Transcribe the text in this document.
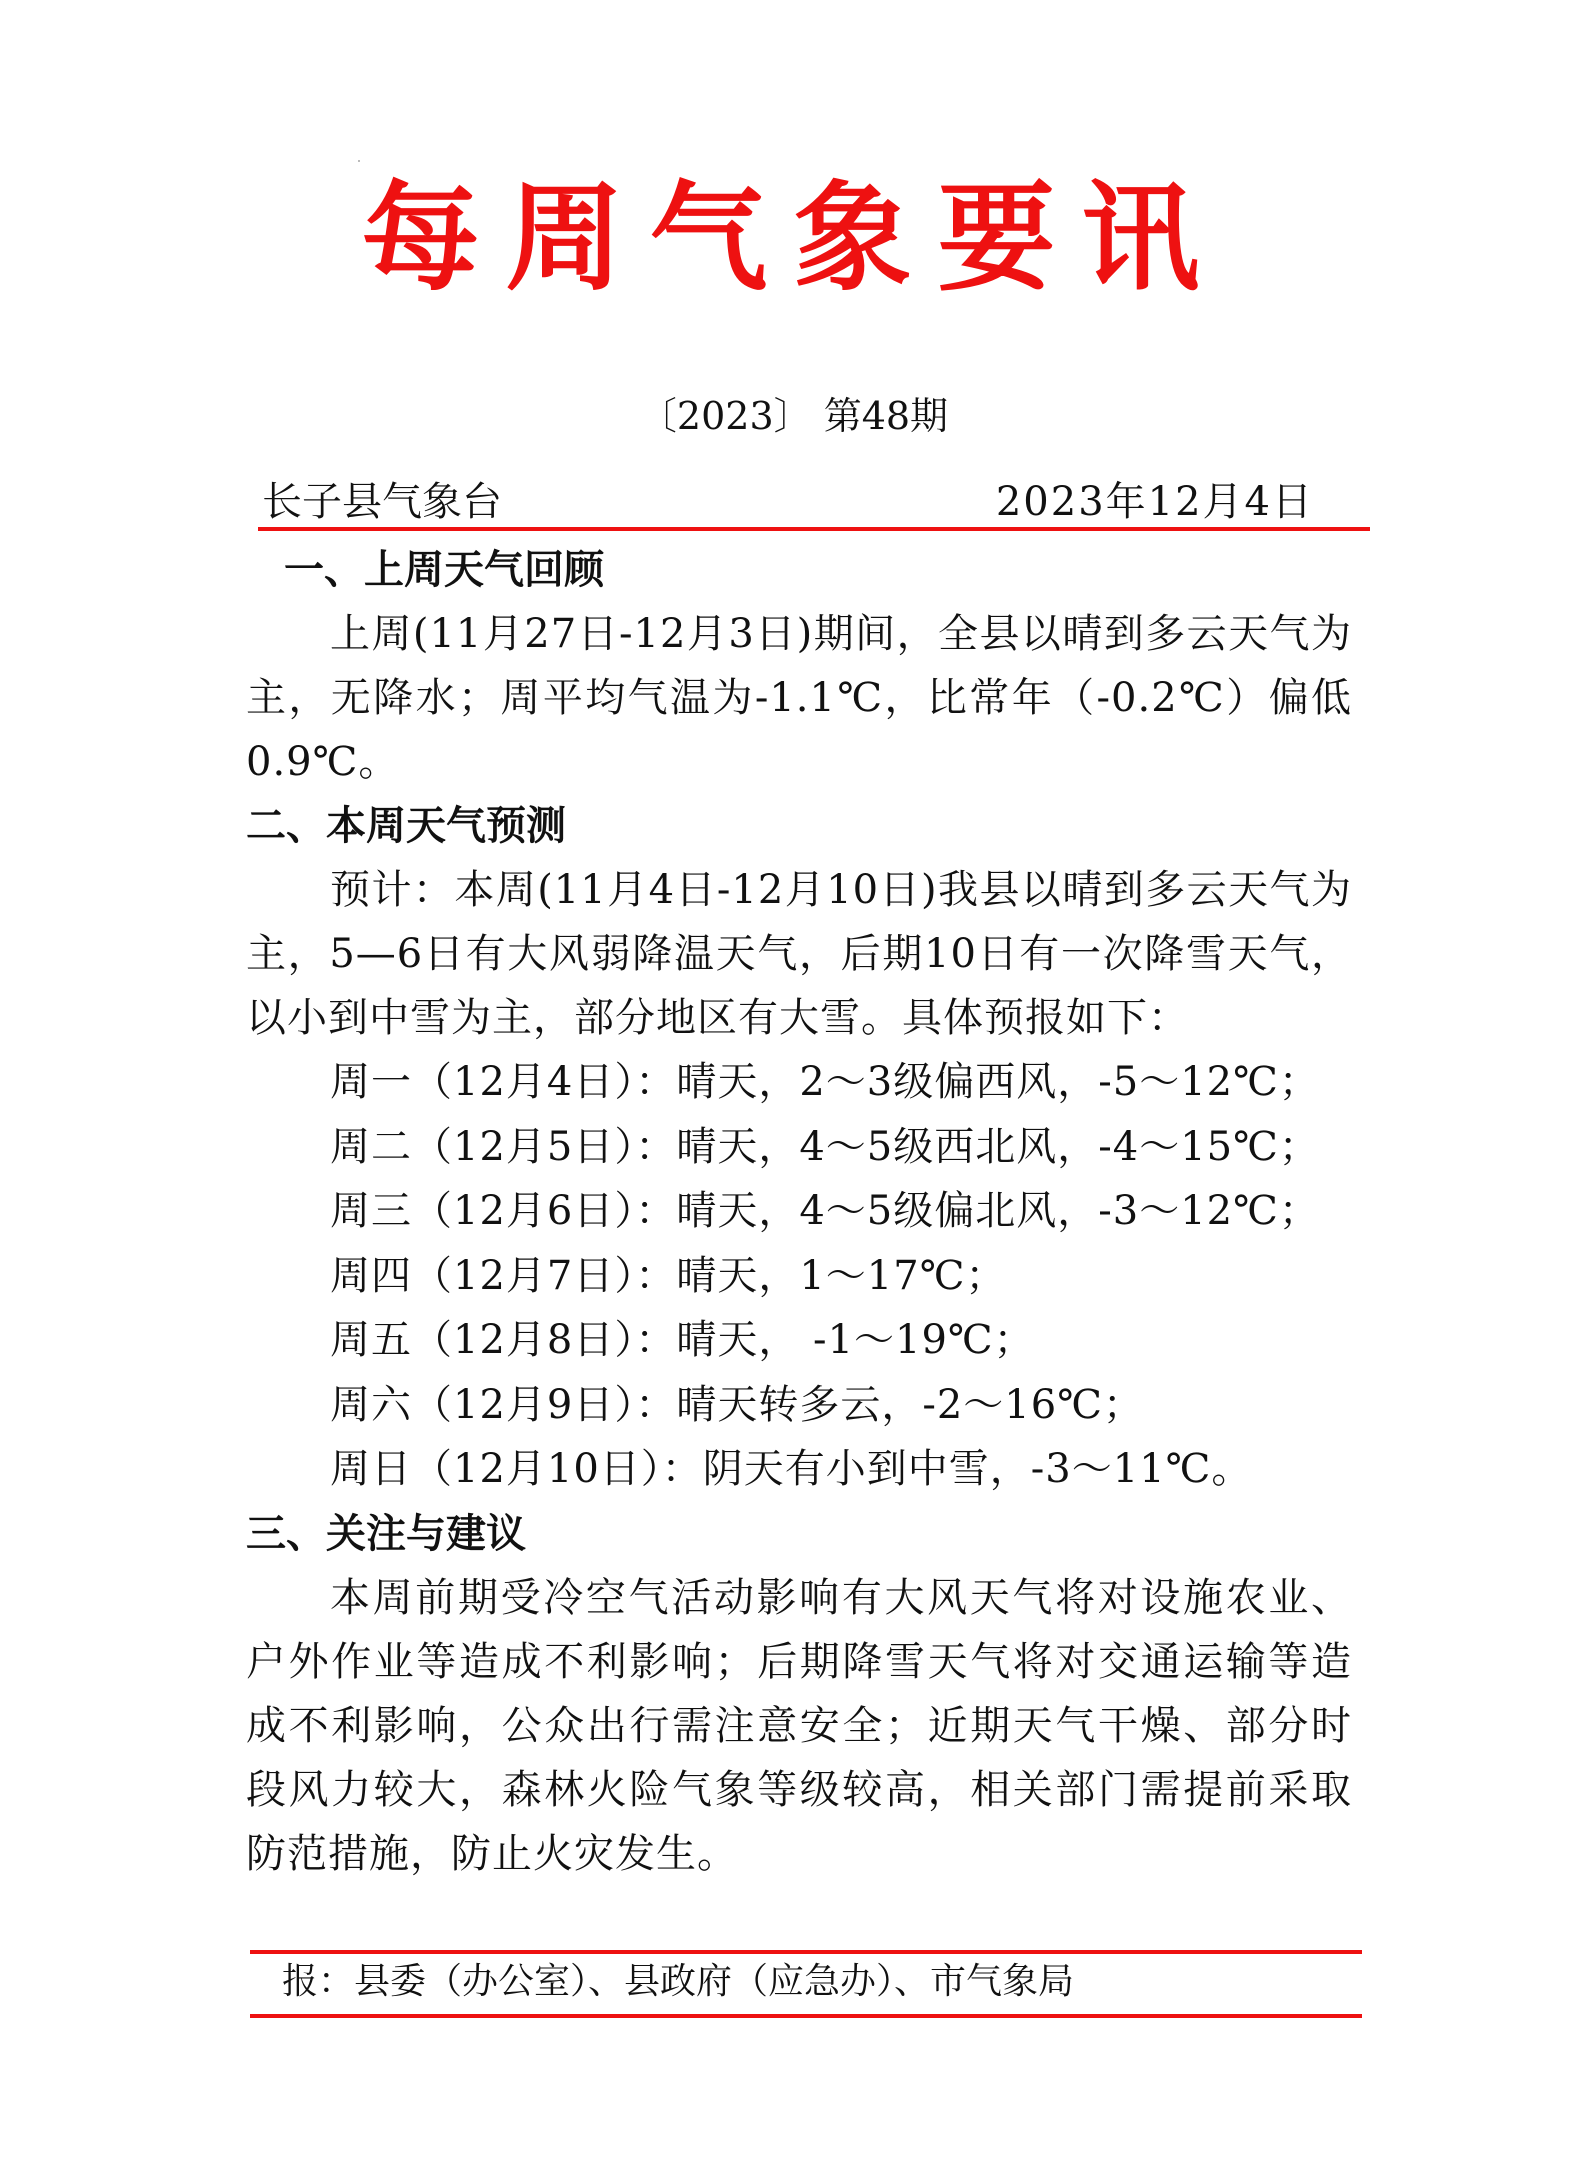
每周气象要讯
〔2023〕 第48期
长子县气象台	2023年12月4日
一、上周天气回顾

上周(11月27日-12月3日)期间，全县以晴到多云天气为主，无降水；周平均气温为-1.1℃，比常年（-0.2℃）偏低0.9℃。

二、本周天气预测

预计：本周(11月4日-12月10日)我县以晴到多云天气为主，5—6日有大风弱降温天气，后期10日有一次降雪天气，以小到中雪为主，部分地区有大雪。具体预报如下：

周一（12月4日）：晴天，2～3级偏西风，-5～12℃；

周二（12月5日）：晴天，4～5级西北风，-4～15℃；

周三（12月6日）：晴天，4～5级偏北风，-3～12℃；

周四（12月7日）：晴天，1～17℃；

周五（12月8日）：晴天， -1～19℃；

周六（12月9日）：晴天转多云，-2～16℃；

周日（12月10日）：阴天有小到中雪，-3～11℃。

三、关注与建议

本周前期受冷空气活动影响有大风天气将对设施农业、户外作业等造成不利影响；后期降雪天气将对交通运输等造成不利影响，公众出行需注意安全；近期天气干燥、部分时段风力较大，森林火险气象等级较高，相关部门需提前采取防范措施，防止火灾发生。

报：县委（办公室）、县政府（应急办）、市气象局
